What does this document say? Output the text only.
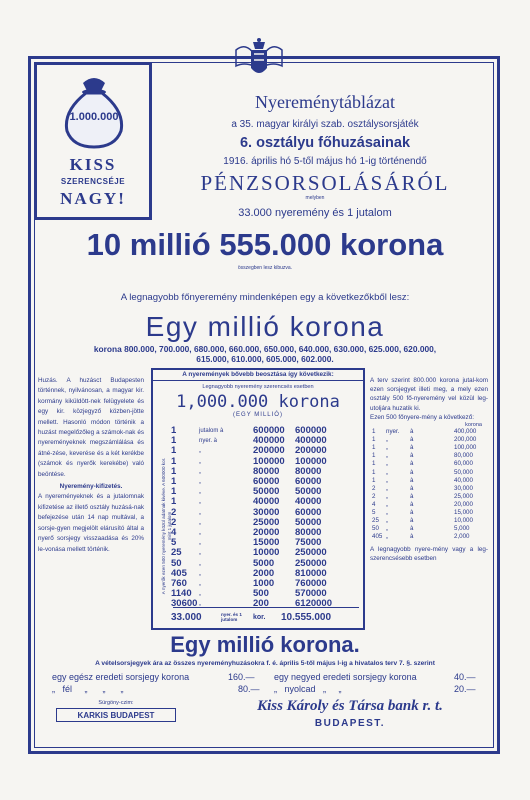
1.000.000
KISS
SZERENCSÉJE
NAGY!
Nyereménytáblázat
a 35. magyar királyi szab. osztálysorsjáték
6. osztályu főhuzásainak
1916. április hó 5-től május hó 1-ig történendő
PÉNZSORSOLÁSÁRÓL
melyben
33.000 nyeremény és 1 jutalom
10 millió 555.000 korona
összegben lesz kibuzva.
A legnagyobb főnyeremény mindenképen egy a következőkből lesz:
Egy millió korona
korona 800.000, 700.000, 680.000, 660.000, 650.000, 640.000, 630.000, 625.000, 620.000,
615.000, 610.000, 605.000, 602.000.
Huzás. A huzásct Budapesten történnek, nyilvánosan, a magyar kir. kormány kiküldött-nek felügyelete és egy kir. közjegyző közben-jötte mellett. Hasonló módon történik a huzást megelőzőleg a számok-nak és nyereményeknek megszámlálása és átné-zése, keverése és a két kerékbe (számok és nyerők kerekébe) való beöntése.
Nyeremény-kifizetés.
A nyereményeknek és a jutalomnak kifizetése az illető osztály huzásá-nak befejezése után 14 nap multával, a sorsje-gyen megjelölt elárusító által a nyerő sorsjegy visszaadása és 20% le-vonása mellett történik.
A nyeremények bővebb beosztása így következik:
Legnagyobb nyeremény szerencsés esetben
1,000.000 korona
(EGY MILLIÓ)
A nyerők ezen 500 nyeremény közül adatnak kivéve. A 600000 kor. mint 1 jutalom
1	jutalom à	600000 600000
1	nyer. à	400000 400000
1	„	200000 200000
1	„	100000 100000
1	„	80000 80000
1	„	60000 60000
1	„	50000 50000
1	„	40000 40000
2	„	30000 60000
2	„	25000 50000
4	„	20000 80000
5	„	15000 75000
25	„	10000 250000
50	„	5000 250000
405 „	2000 810000
760 „	1000 760000
1140 „	500	570000
30600 „	200	6120000
33.000	nyer. és 1 jutalom	kor. 10.555.000
A terv szerint 800.000 korona jutal-kom ezen sorsjegyet illeti meg, a mely ezen osztály 500 fő-nyeremény vel közül leg-utoljára huzatik ki.
Ezen 500 főnyere-mény a következő:
korona
1 nyer. à	400,000
1 „	à	200,000
1 „	à	100,000
1 „	à	80,000
1 „	à	60,000
1 „	à	50,000
1 „	à	40,000
2 „	à	30,000
2 „	à	25,000
4 „	à	20,000
5 „	à	15,000
25 „	à	10,000
50 „	à	5,000
405 „	à	2,000
A legnagyobb nyere-mény vagy a leg-szerencsésebb esetben
Egy millió korona.
A vételsorsjegyek ára az összes nyereményhuzásokra f. é. április 5-től május l-ig a hivatalos terv 7. §. szerint
egy egész eredeti sorsjegy korona	160.— egy negyed eredeti sorsjegy korona	40.—
„   fél     „      „      „	80.— „   nyolcad   „     „	20.—
Sürgöny-czim:
KARKIS BUDAPEST
Kiss Károly és Társa bank r. t.
BUDAPEST.
